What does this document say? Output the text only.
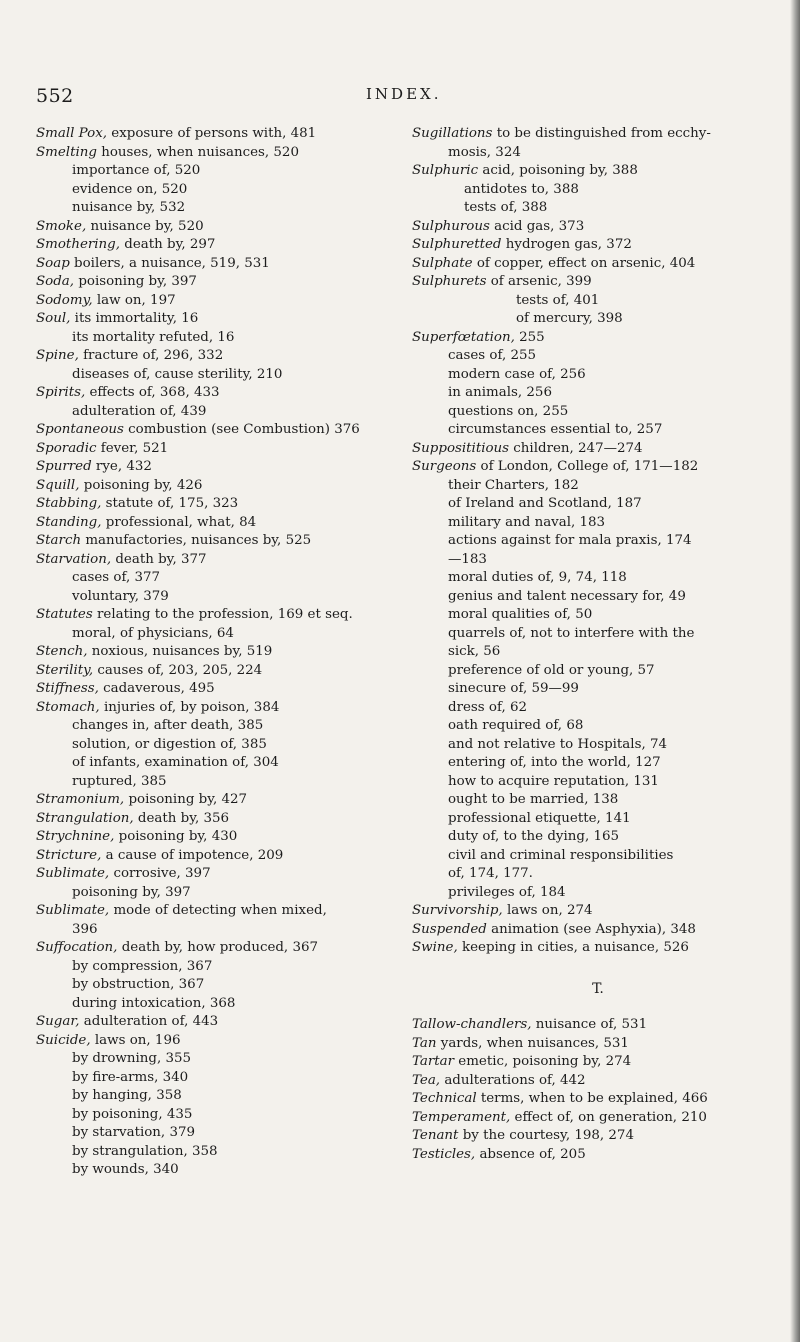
552	INDEX.
Small Pox, exposure of persons with, 481
Smelting houses, when nuisances, 520
importance of, 520
evidence on, 520
nuisance by, 532
Smoke, nuisance by, 520
Smothering, death by, 297
Soap boilers, a nuisance, 519, 531
Soda, poisoning by, 397
Sodomy, law on, 197
Soul, its immortality, 16
its mortality refuted, 16
Spine, fracture of, 296, 332
diseases of, cause sterility, 210
Spirits, effects of, 368, 433
adulteration of, 439
Spontaneous combustion (see Combustion) 376
Sporadic fever, 521
Spurred rye, 432
Squill, poisoning by, 426
Stabbing, statute of, 175, 323
Standing, professional, what, 84
Starch manufactories, nuisances by, 525
Starvation, death by, 377
cases of, 377
voluntary, 379
Statutes relating to the profession, 169 et seq.
moral, of physicians, 64
Stench, noxious, nuisances by, 519
Sterility, causes of, 203, 205, 224
Stiffness, cadaverous, 495
Stomach, injuries of, by poison, 384
changes in, after death, 385
solution, or digestion of, 385
of infants, examination of, 304
ruptured, 385
Stramonium, poisoning by, 427
Strangulation, death by, 356
Strychnine, poisoning by, 430
Stricture, a cause of impotence, 209
Sublimate, corrosive, 397
poisoning by, 397
Sublimate, mode of detecting when mixed,
396
Suffocation, death by, how produced, 367
by compression, 367
by obstruction, 367
during intoxication, 368
Sugar, adulteration of, 443
Suicide, laws on, 196
by drowning, 355
by fire-arms, 340
by hanging, 358
by poisoning, 435
by starvation, 379
by strangulation, 358
by wounds, 340
Sugillations to be distinguished from ecchy-
mosis, 324
Sulphuric acid, poisoning by, 388
antidotes to, 388
tests of, 388
Sulphurous acid gas, 373
Sulphuretted hydrogen gas, 372
Sulphate of copper, effect on arsenic, 404
Sulphurets of arsenic, 399
tests of, 401
of mercury, 398
Superfœtation, 255
cases of, 255
modern case of, 256
in animals, 256
questions on, 255
circumstances essential to, 257
Supposititious children, 247—274
Surgeons of London, College of, 171—182
their Charters, 182
of Ireland and Scotland, 187
military and naval, 183
actions against for mala praxis, 174
—183
moral duties of, 9, 74, 118
genius and talent necessary for, 49
moral qualities of, 50
quarrels of, not to interfere with the
sick, 56
preference of old or young, 57
sinecure of, 59—99
dress of, 62
oath required of, 68
and not relative to Hospitals, 74
entering of, into the world, 127
how to acquire reputation, 131
ought to be married, 138
professional etiquette, 141
duty of, to the dying, 165
civil and criminal responsibilities
of, 174, 177.
privileges of, 184
Survivorship, laws on, 274
Suspended animation (see Asphyxia), 348
Swine, keeping in cities, a nuisance, 526
T.
Tallow-chandlers, nuisance of, 531
Tan yards, when nuisances, 531
Tartar emetic, poisoning by, 274
Tea, adulterations of, 442
Technical terms, when to be explained, 466
Temperament, effect of, on generation, 210
Tenant by the courtesy, 198, 274
Testicles, absence of, 205
